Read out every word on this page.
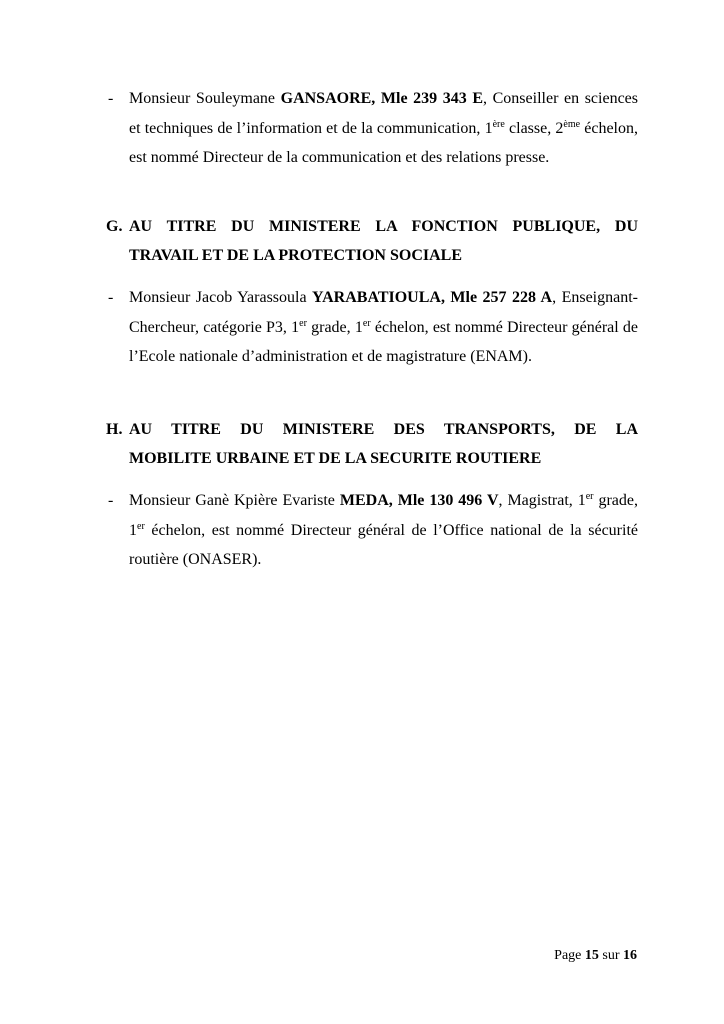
- Monsieur Souleymane GANSAORE, Mle 239 343 E, Conseiller en sciences et techniques de l’information et de la communication, 1ère classe, 2ème échelon, est nommé Directeur de la communication et des relations presse.
G. AU TITRE DU MINISTERE LA FONCTION PUBLIQUE, DU
TRAVAIL ET DE LA PROTECTION SOCIALE
- Monsieur Jacob Yarassoula YARABATIOULA, Mle 257 228 A, Enseignant-Chercheur, catégorie P3, 1er grade, 1er échelon, est nommé Directeur général de l’Ecole nationale d’administration et de magistrature (ENAM).
H. AU TITRE DU MINISTERE DES TRANSPORTS, DE LA
MOBILITE URBAINE ET DE LA SECURITE ROUTIERE
- Monsieur Ganè Kpière Evariste MEDA, Mle 130 496 V, Magistrat, 1er grade, 1er échelon, est nommé Directeur général de l’Office national de la sécurité routière (ONASER).
Page 15 sur 16
